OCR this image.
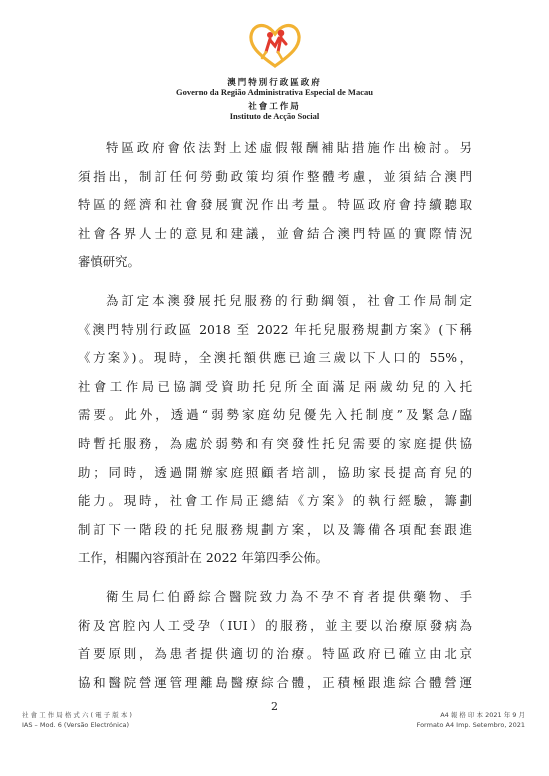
澳門特別行政區政府
Governo da Região Administrativa Especial de Macau
社會工作局
Instituto de Acção Social
特區政府會依法對上述虛假報酬補貼措施作出檢討。另
須指出，制訂任何勞動政策均須作整體考慮，並須結合澳門
特區的經濟和社會發展實況作出考量。特區政府會持續聽取
社會各界人士的意見和建議，並會結合澳門特區的實際情況
審慎研究。
為訂定本澳發展托兒服務的行動綱領，社會工作局制定
《澳門特別行政區 2018 至 2022 年托兒服務規劃方案》(下稱
《方案》)。現時，全澳托額供應已逾三歲以下人口的 55%，
社會工作局已協調受資助托兒所全面滿足兩歲幼兒的入托
需要。此外，透過“弱勢家庭幼兒優先入托制度”及緊急/臨
時暫托服務，為處於弱勢和有突發性托兒需要的家庭提供協
助；同時，透過開辦家庭照顧者培訓，協助家長提高育兒的
能力。現時，社會工作局正總結《方案》的執行經驗，籌劃
制訂下一階段的托兒服務規劃方案，以及籌備各項配套跟進
工作，相關內容預計在 2022 年第四季公佈。
衛生局仁伯爵綜合醫院致力為不孕不育者提供藥物、手
術及宮腔內人工受孕（IUI）的服務，並主要以治療原發病為
首要原則，為患者提供適切的治療。特區政府已確立由北京
協和醫院營運管理離島醫療綜合體，正積極跟進綜合體營運
2
社 會 工 作 局 格 式 六 ( 電 子 版 本 )
IAS – Mod. 6 (Versão Electrónica)
A4 報 格 印 本 2021 年 9 月
Formato A4 Imp. Setembro, 2021
